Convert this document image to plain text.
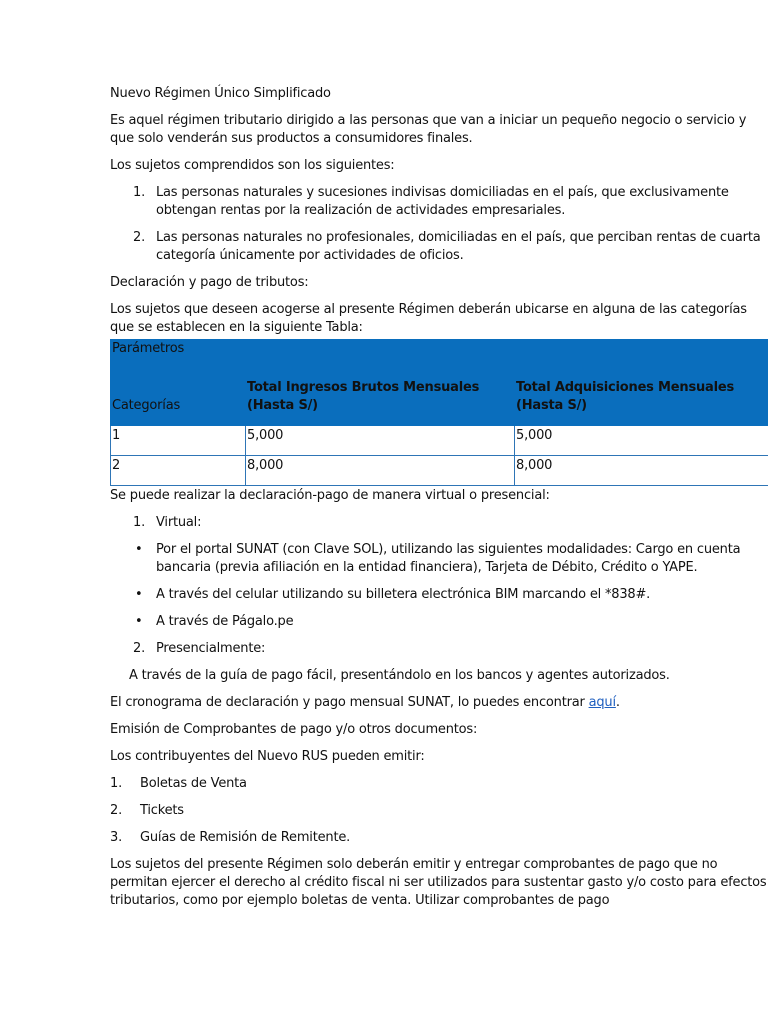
Nuevo Régimen Único Simplificado

Es aquel régimen tributario dirigido a las personas que van a iniciar un pequeño negocio o servicio y que solo venderán sus productos a consumidores finales.

Los sujetos comprendidos son los siguientes:

1. Las personas naturales y sucesiones indivisas domiciliadas en el país, que exclusivamente obtengan rentas por la realización de actividades empresariales.
2. Las personas naturales no profesionales, domiciliadas en el país, que perciban rentas de cuarta categoría únicamente por actividades de oficios.

Declaración y pago de tributos:

Los sujetos que deseen acogerse al presente Régimen deberán ubicarse en alguna de las categorías que se establecen en la siguiente Tabla:

Parámetros		
Categorías	Total Ingresos Brutos Mensuales (Hasta S/)	Total Adquisiciones Mensuales (Hasta S/)
1	5,000	5,000
2	8,000	8,000

Se puede realizar la declaración-pago de manera virtual o presencial:

1. Virtual:
• Por el portal SUNAT (con Clave SOL), utilizando las siguientes modalidades: Cargo en cuenta bancaria (previa afiliación en la entidad financiera), Tarjeta de Débito, Crédito o YAPE.
• A través del celular utilizando su billetera electrónica BIM marcando el *838#.
• A través de Págalo.pe
2. Presencialmente:

A través de la guía de pago fácil, presentándolo en los bancos y agentes autorizados.

El cronograma de declaración y pago mensual SUNAT, lo puedes encontrar aquí.

Emisión de Comprobantes de pago y/o otros documentos:

Los contribuyentes del Nuevo RUS pueden emitir:

1. Boletas de Venta
2. Tickets
3. Guías de Remisión de Remitente.

Los sujetos del presente Régimen solo deberán emitir y entregar comprobantes de pago que no permitan ejercer el derecho al crédito fiscal ni ser utilizados para sustentar gasto y/o costo para efectos tributarios, como por ejemplo boletas de venta. Utilizar comprobantes de pago
